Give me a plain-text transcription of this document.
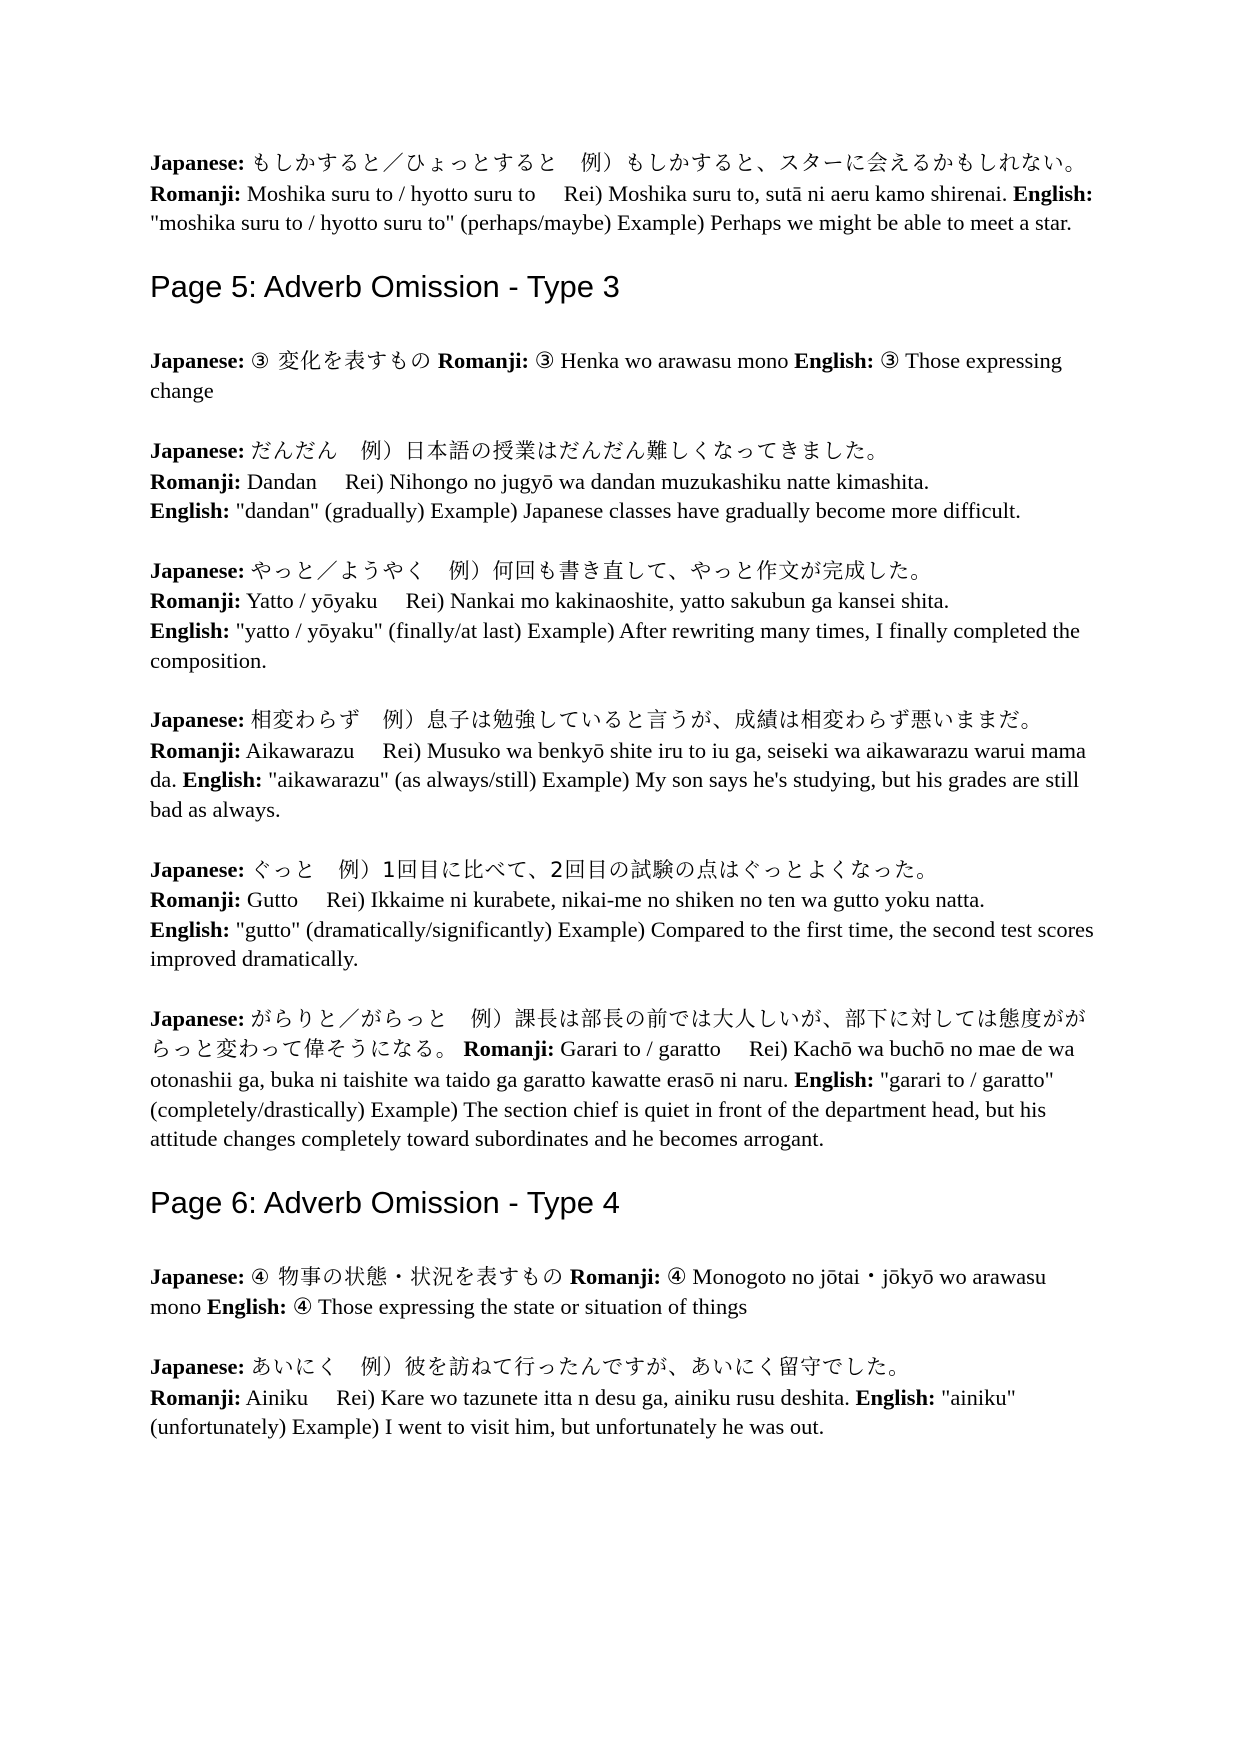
Japanese: もしかすると／ひょっとすると　例）もしかすると、スターに会えるかもしれない。 Romanji: Moshika suru to / hyotto suru to　 Rei) Moshika suru to, sutā ni aeru kamo shirenai. English: "moshika suru to / hyotto suru to" (perhaps/maybe) Example) Perhaps we might be able to meet a star.

Page 5: Adverb Omission - Type 3

Japanese: ③ 変化を表すもの Romanji: ③ Henka wo arawasu mono English: ③ Those expressing change

Japanese: だんだん　例）日本語の授業はだんだん難しくなってきました。
Romanji: Dandan　 Rei) Nihongo no jugyō wa dandan muzukashiku natte kimashita.
English: "dandan" (gradually) Example) Japanese classes have gradually become more difficult.

Japanese: やっと／ようやく　例）何回も書き直して、やっと作文が完成した。
Romanji: Yatto / yōyaku　 Rei) Nankai mo kakinaoshite, yatto sakubun ga kansei shita.
English: "yatto / yōyaku" (finally/at last) Example) After rewriting many times, I finally completed the composition.

Japanese: 相変わらず　例）息子は勉強していると言うが、成績は相変わらず悪いままだ。 Romanji: Aikawarazu　 Rei) Musuko wa benkyō shite iru to iu ga, seiseki wa aikawarazu warui mama da. English: "aikawarazu" (as always/still) Example) My son says he's studying, but his grades are still bad as always.

Japanese: ぐっと　例）1回目に比べて、2回目の試験の点はぐっとよくなった。
Romanji: Gutto　 Rei) Ikkaime ni kurabete, nikai-me no shiken no ten wa gutto yoku natta.
English: "gutto" (dramatically/significantly) Example) Compared to the first time, the second test scores improved dramatically.

Japanese: がらりと／がらっと　例）課長は部長の前では大人しいが、部下に対しては態度ががらっと変わって偉そうになる。 Romanji: Garari to / garatto　 Rei) Kachō wa buchō no mae de wa otonashii ga, buka ni taishite wa taido ga garatto kawatte erasō ni naru. English: "garari to / garatto" (completely/drastically) Example) The section chief is quiet in front of the department head, but his attitude changes completely toward subordinates and he becomes arrogant.

Page 6: Adverb Omission - Type 4

Japanese: ④ 物事の状態・状況を表すもの Romanji: ④ Monogoto no jōtai・jōkyō wo arawasu mono English: ④ Those expressing the state or situation of things

Japanese: あいにく　例）彼を訪ねて行ったんですが、あいにく留守でした。
Romanji: Ainiku　 Rei) Kare wo tazunete itta n desu ga, ainiku rusu deshita. English: "ainiku" (unfortunately) Example) I went to visit him, but unfortunately he was out.
